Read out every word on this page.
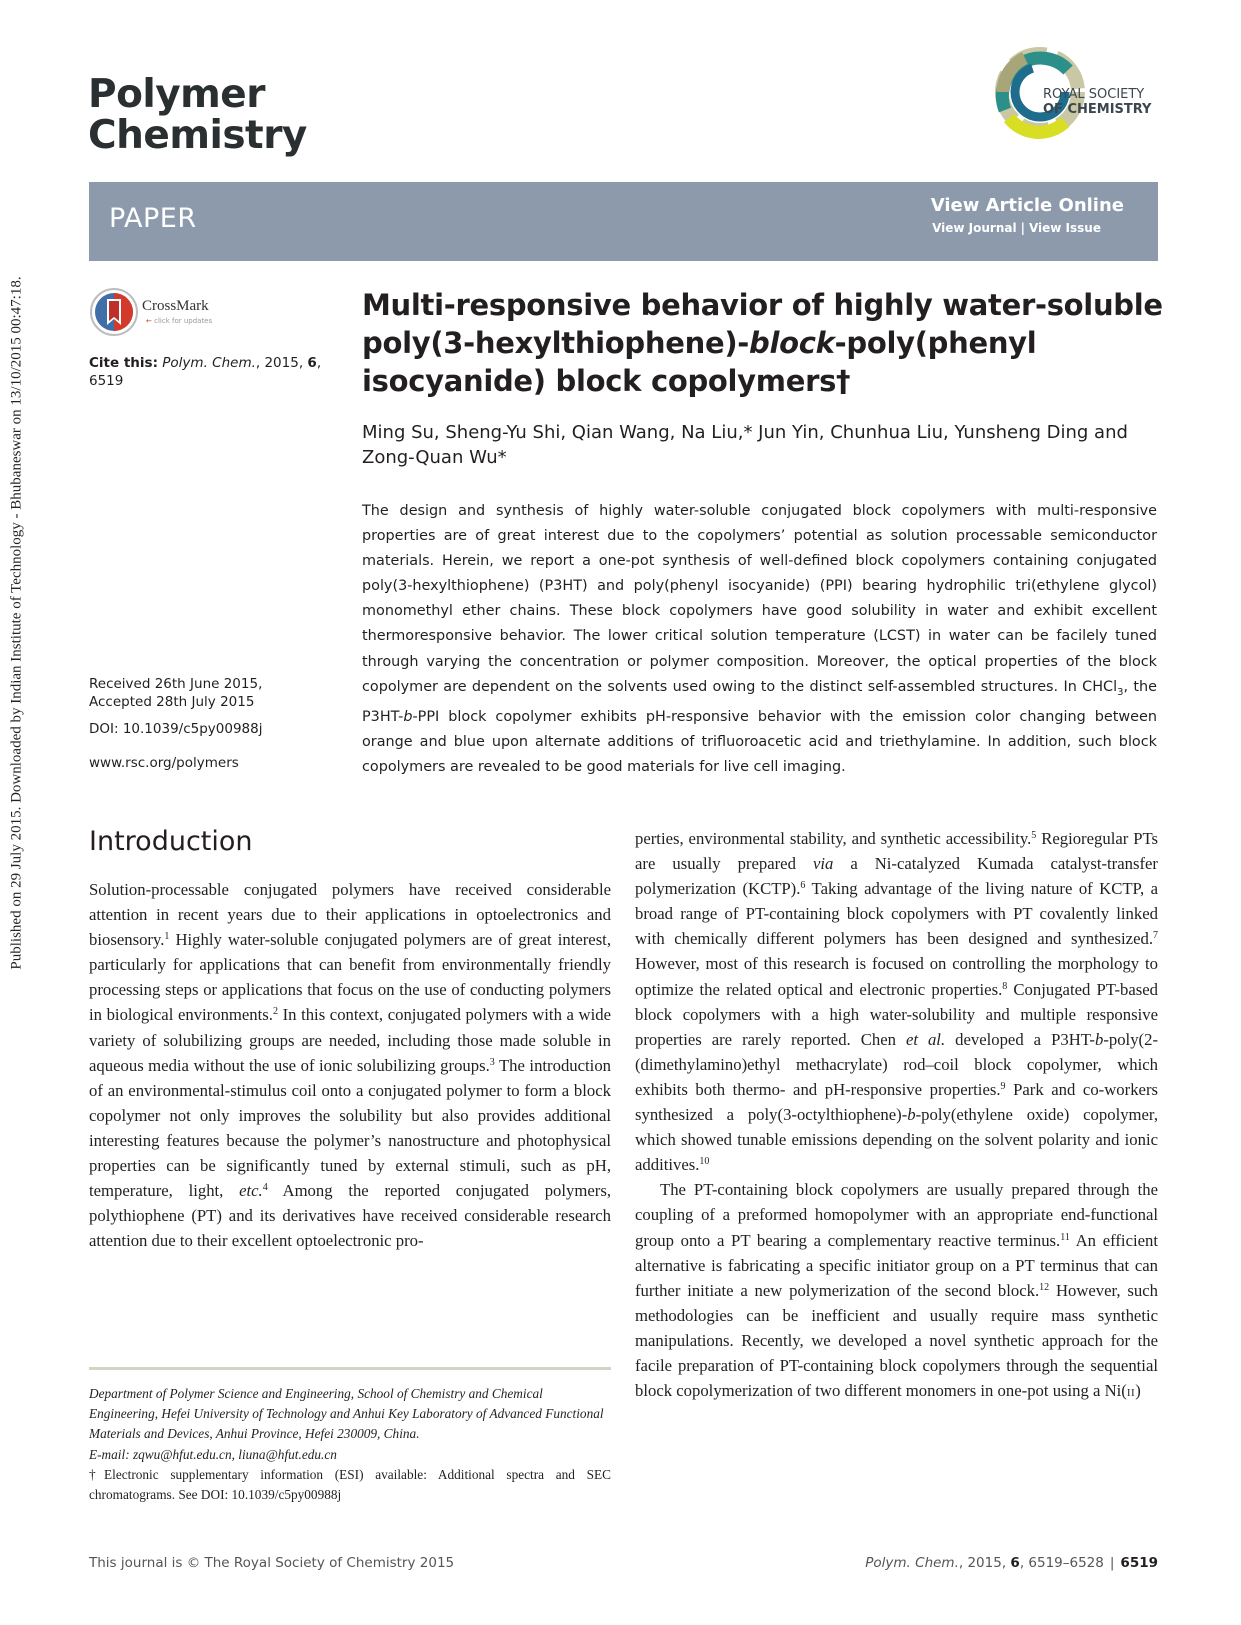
Published on 29 July 2015. Downloaded by Indian Institute of Technology - Bhubaneswar on 13/10/2015 00:47:18.
Polymer
Chemistry
ROYAL SOCIETY
OF CHEMISTRY
PAPER	View Article Online
View Journal | View Issue
CrossMark
← click for updates
Cite this: Polym. Chem., 2015, 6,
6519
Received 26th June 2015,
Accepted 28th July 2015
DOI: 10.1039/c5py00988j
www.rsc.org/polymers
Multi-responsive behavior of highly water-soluble poly(3-hexylthiophene)-block-poly(phenyl isocyanide) block copolymers†
Ming Su, Sheng-Yu Shi, Qian Wang, Na Liu,* Jun Yin, Chunhua Liu, Yunsheng Ding and Zong-Quan Wu*
The design and synthesis of highly water-soluble conjugated block copolymers with multi-responsive properties are of great interest due to the copolymers’ potential as solution processable semiconductor materials. Herein, we report a one-pot synthesis of well-defined block copolymers containing conjugated poly(3-hexylthiophene) (P3HT) and poly(phenyl isocyanide) (PPI) bearing hydrophilic tri(ethylene glycol) monomethyl ether chains. These block copolymers have good solubility in water and exhibit excellent thermoresponsive behavior. The lower critical solution temperature (LCST) in water can be facilely tuned through varying the concentration or polymer composition. Moreover, the optical properties of the block copolymer are dependent on the solvents used owing to the distinct self-assembled structures. In CHCl$_3$, the P3HT-b-PPI block copolymer exhibits pH-responsive behavior with the emission color changing between orange and blue upon alternate additions of trifluoroacetic acid and triethylamine. In addition, such block copolymers are revealed to be good materials for live cell imaging.
Introduction

Solution-processable conjugated polymers have received considerable attention in recent years due to their applications in optoelectronics and biosensory.$^1$ Highly water-soluble conjugated polymers are of great interest, particularly for applications that can benefit from environmentally friendly processing steps or applications that focus on the use of conducting polymers in biological environments.$^2$ In this context, conjugated polymers with a wide variety of solubilizing groups are needed, including those made soluble in aqueous media without the use of ionic solubilizing groups.$^3$ The introduction of an environmental-stimulus coil onto a conjugated polymer to form a block copolymer not only improves the solubility but also provides additional interesting features because the polymer’s nanostructure and photophysical properties can be significantly tuned by external stimuli, such as pH, temperature, light, etc.$^4$ Among the reported conjugated polymers, polythiophene (PT) and its derivatives have received considerable research attention due to their excellent optoelectronic pro-

perties, environmental stability, and synthetic accessibility.$^5$ Regioregular PTs are usually prepared via a Ni-catalyzed Kumada catalyst-transfer polymerization (KCTP).$^6$ Taking advantage of the living nature of KCTP, a broad range of PT-containing block copolymers with PT covalently linked with chemically different polymers has been designed and synthesized.$^7$ However, most of this research is focused on controlling the morphology to optimize the related optical and electronic properties.$^8$ Conjugated PT-based block copolymers with a high water-solubility and multiple responsive properties are rarely reported. Chen et al. developed a P3HT-b-poly(2-(dimethylamino)ethyl methacrylate) rod–coil block copolymer, which exhibits both thermo- and pH-responsive properties.$^9$ Park and co-workers synthesized a poly(3-octylthiophene)-b-poly(ethylene oxide) copolymer, which showed tunable emissions depending on the solvent polarity and ionic additives.$^{10}$

The PT-containing block copolymers are usually prepared through the coupling of a preformed homopolymer with an appropriate end-functional group onto a PT bearing a complementary reactive terminus.$^{11}$ An efficient alternative is fabricating a specific initiator group on a PT terminus that can further initiate a new polymerization of the second block.$^{12}$ However, such methodologies can be inefficient and usually require mass synthetic manipulations. Recently, we developed a novel synthetic approach for the facile preparation of PT-containing block copolymers through the sequential block copolymerization of two different monomers in one-pot using a Ni(II)

Department of Polymer Science and Engineering, School of Chemistry and Chemical Engineering, Hefei University of Technology and Anhui Key Laboratory of Advanced Functional Materials and Devices, Anhui Province, Hefei 230009, China.

E-mail: zqwu@hfut.edu.cn, liuna@hfut.edu.cn

†Electronic supplementary information (ESI) available: Additional spectra and SEC chromatograms. See DOI: 10.1039/c5py00988j

This journal is © The Royal Society of Chemistry 2015	Polym. Chem., 2015, 6, 6519–6528 | 6519
